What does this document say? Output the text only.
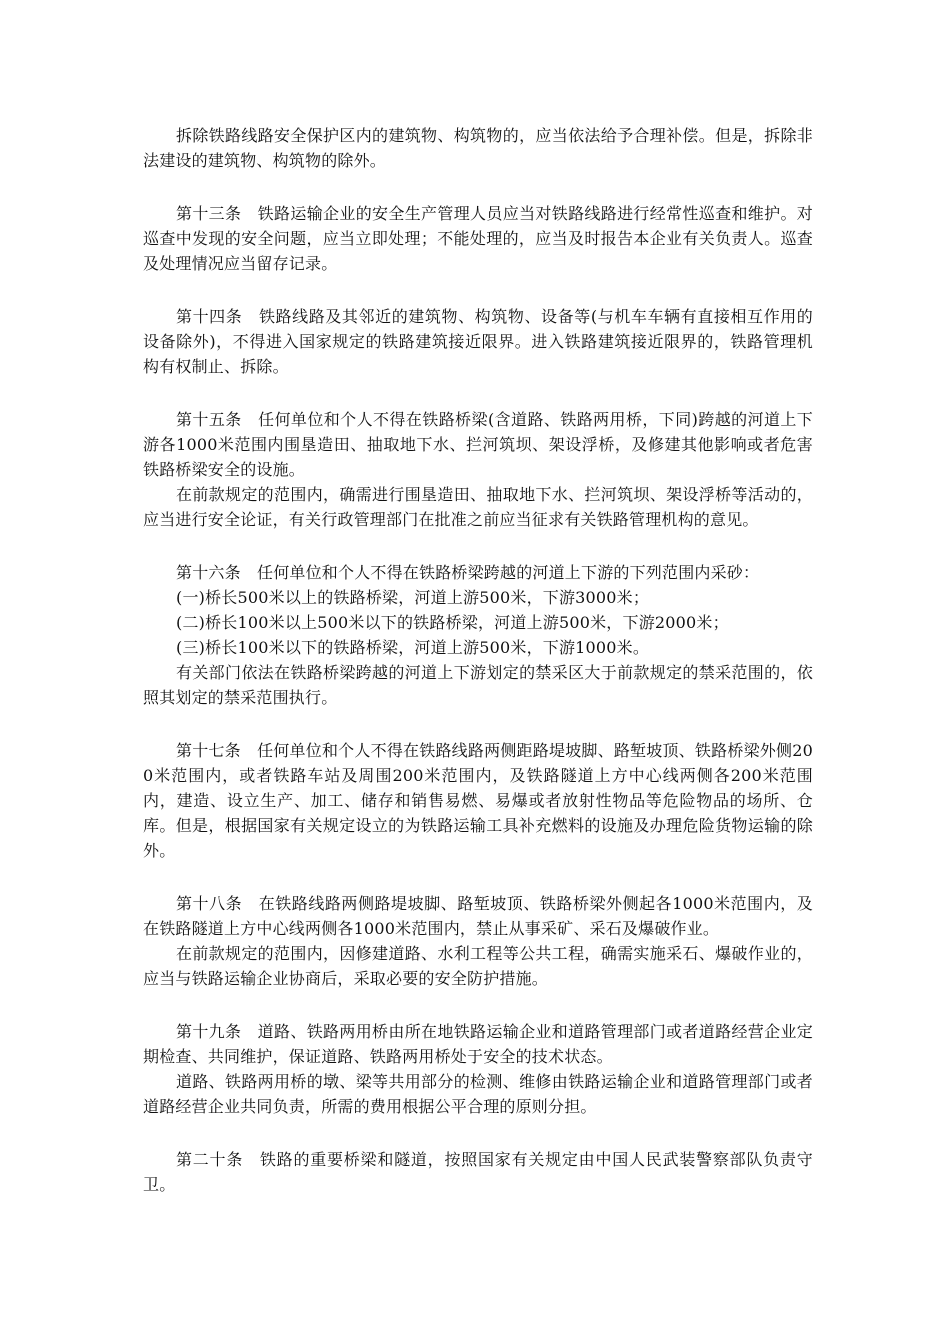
拆除铁路线路安全保护区内的建筑物、构筑物的，应当依法给予合理补偿。但是，拆除非法建设的建筑物、构筑物的除外。

第十三条　铁路运输企业的安全生产管理人员应当对铁路线路进行经常性巡查和维护。对巡查中发现的安全问题，应当立即处理；不能处理的，应当及时报告本企业有关负责人。巡查及处理情况应当留存记录。

第十四条　铁路线路及其邻近的建筑物、构筑物、设备等(与机车车辆有直接相互作用的设备除外)，不得进入国家规定的铁路建筑接近限界。进入铁路建筑接近限界的，铁路管理机构有权制止、拆除。

第十五条　任何单位和个人不得在铁路桥梁(含道路、铁路两用桥，下同)跨越的河道上下游各1000米范围内围垦造田、抽取地下水、拦河筑坝、架设浮桥，及修建其他影响或者危害铁路桥梁安全的设施。

在前款规定的范围内，确需进行围垦造田、抽取地下水、拦河筑坝、架设浮桥等活动的，应当进行安全论证，有关行政管理部门在批准之前应当征求有关铁路管理机构的意见。

第十六条　任何单位和个人不得在铁路桥梁跨越的河道上下游的下列范围内采砂：

(一)桥长500米以上的铁路桥梁，河道上游500米，下游3000米；

(二)桥长100米以上500米以下的铁路桥梁，河道上游500米，下游2000米；

(三)桥长100米以下的铁路桥梁，河道上游500米，下游1000米。

有关部门依法在铁路桥梁跨越的河道上下游划定的禁采区大于前款规定的禁采范围的，依照其划定的禁采范围执行。

第十七条　任何单位和个人不得在铁路线路两侧距路堤坡脚、路堑坡顶、铁路桥梁外侧200米范围内，或者铁路车站及周围200米范围内，及铁路隧道上方中心线两侧各200米范围内，建造、设立生产、加工、储存和销售易燃、易爆或者放射性物品等危险物品的场所、仓库。但是，根据国家有关规定设立的为铁路运输工具补充燃料的设施及办理危险货物运输的除外。

第十八条　在铁路线路两侧路堤坡脚、路堑坡顶、铁路桥梁外侧起各1000米范围内，及在铁路隧道上方中心线两侧各1000米范围内，禁止从事采矿、采石及爆破作业。

在前款规定的范围内，因修建道路、水利工程等公共工程，确需实施采石、爆破作业的，应当与铁路运输企业协商后，采取必要的安全防护措施。

第十九条　道路、铁路两用桥由所在地铁路运输企业和道路管理部门或者道路经营企业定期检查、共同维护，保证道路、铁路两用桥处于安全的技术状态。

道路、铁路两用桥的墩、梁等共用部分的检测、维修由铁路运输企业和道路管理部门或者道路经营企业共同负责，所需的费用根据公平合理的原则分担。

第二十条　铁路的重要桥梁和隧道，按照国家有关规定由中国人民武装警察部队负责守卫。
